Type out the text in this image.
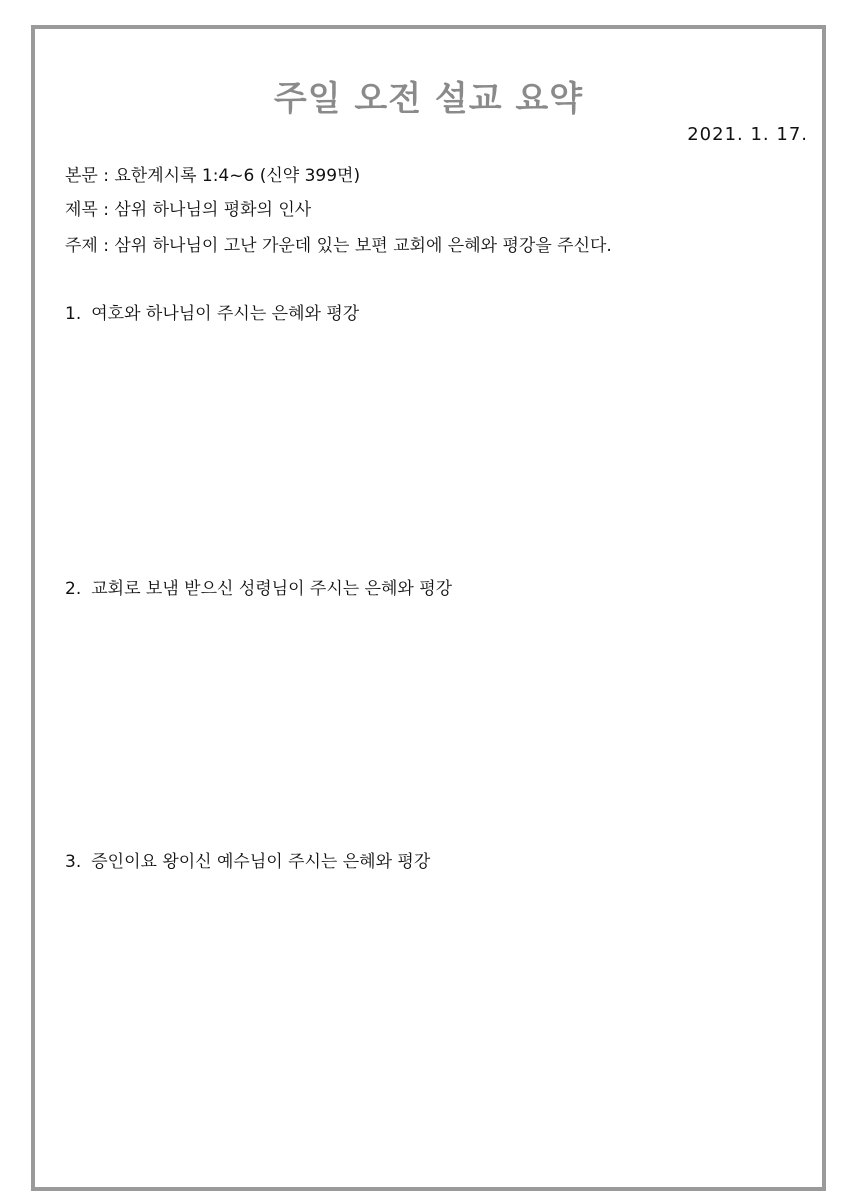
주일 오전 설교 요약
2021. 1. 17.
본문 : 요한계시록 1:4~6 (신약 399면)
제목 : 삼위 하나님의 평화의 인사
주제 : 삼위 하나님이 고난 가운데 있는 보편 교회에 은혜와 평강을 주신다.
1. 여호와 하나님이 주시는 은혜와 평강
2. 교회로 보냄 받으신 성령님이 주시는 은혜와 평강
3. 증인이요 왕이신 예수님이 주시는 은혜와 평강
